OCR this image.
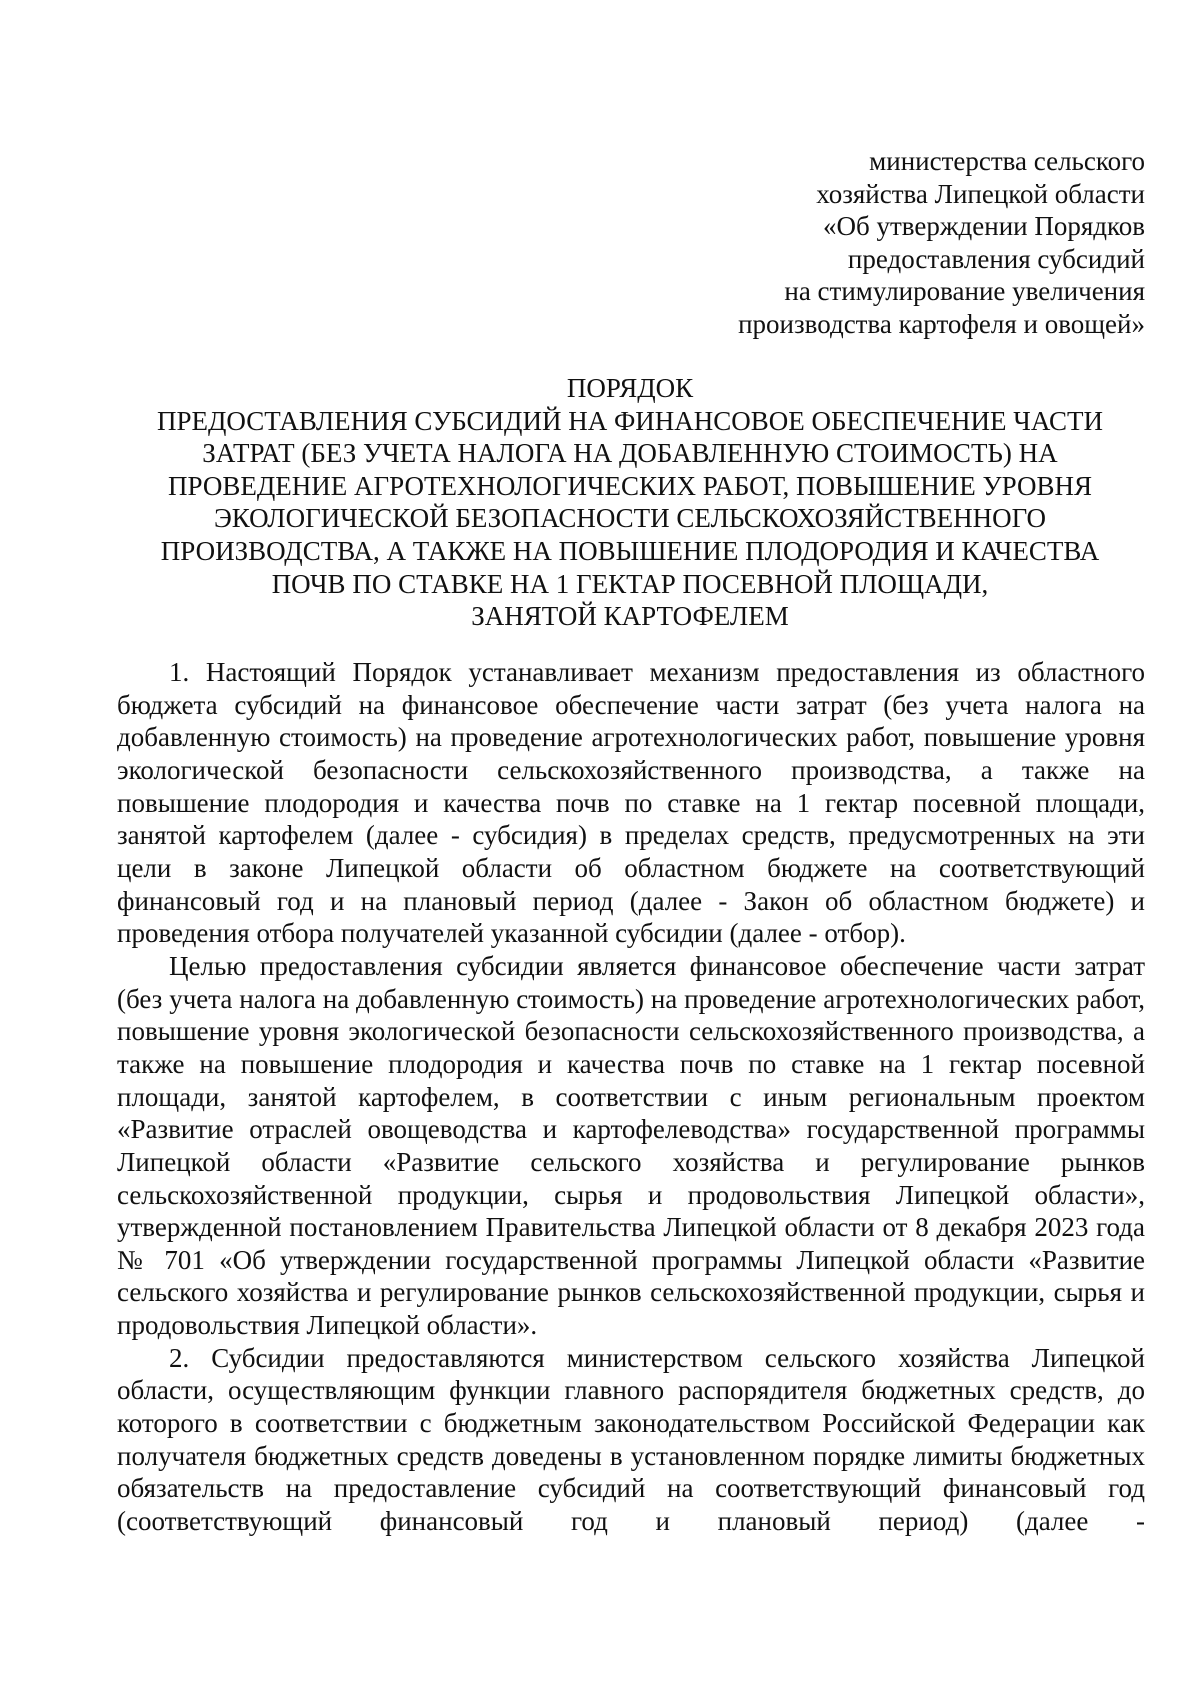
министерства сельского
хозяйства Липецкой области
«Об утверждении Порядков
предоставления субсидий
на стимулирование увеличения
производства картофеля и овощей»
ПОРЯДОК
ПРЕДОСТАВЛЕНИЯ СУБСИДИЙ НА ФИНАНСОВОЕ ОБЕСПЕЧЕНИЕ ЧАСТИ
ЗАТРАТ (БЕЗ УЧЕТА НАЛОГА НА ДОБАВЛЕННУЮ СТОИМОСТЬ) НА
ПРОВЕДЕНИЕ АГРОТЕХНОЛОГИЧЕСКИХ РАБОТ, ПОВЫШЕНИЕ УРОВНЯ
ЭКОЛОГИЧЕСКОЙ БЕЗОПАСНОСТИ СЕЛЬСКОХОЗЯЙСТВЕННОГО
ПРОИЗВОДСТВА, А ТАКЖЕ НА ПОВЫШЕНИЕ ПЛОДОРОДИЯ И КАЧЕСТВА
ПОЧВ ПО СТАВКЕ НА 1 ГЕКТАР ПОСЕВНОЙ ПЛОЩАДИ,
ЗАНЯТОЙ КАРТОФЕЛЕМ

1. Настоящий Порядок устанавливает механизм предоставления из областного бюджета субсидий на финансовое обеспечение части затрат (без учета налога на добавленную стоимость) на проведение агротехнологических работ, повышение уровня экологической безопасности сельскохозяйственного производства, а также на повышение плодородия и качества почв по ставке на 1 гектар посевной площади, занятой картофелем (далее - субсидия) в пределах средств, предусмотренных на эти цели в законе Липецкой области об областном бюджете на соответствующий финансовый год и на плановый период (далее - Закон об областном бюджете) и проведения отбора получателей указанной субсидии (далее - отбор).

Целью предоставления субсидии является финансовое обеспечение части затрат (без учета налога на добавленную стоимость) на проведение агротехнологических работ, повышение уровня экологической безопасности сельскохозяйственного производства, а также на повышение плодородия и качества почв по ставке на 1 гектар посевной площади, занятой картофелем, в соответствии с иным региональным проектом «Развитие отраслей овощеводства и картофелеводства» государственной программы Липецкой области «Развитие сельского хозяйства и регулирование рынков сельскохозяйственной продукции, сырья и продовольствия Липецкой области», утвержденной постановлением Правительства Липецкой области от 8 декабря 2023 года № 701 «Об утверждении государственной программы Липецкой области «Развитие сельского хозяйства и регулирование рынков сельскохозяйственной продукции, сырья и продовольствия Липецкой области».

2. Субсидии предоставляются министерством сельского хозяйства Липецкой области, осуществляющим функции главного распорядителя бюджетных средств, до которого в соответствии с бюджетным законодательством Российской Федерации как получателя бюджетных средств доведены в установленном порядке лимиты бюджетных обязательств на предоставление субсидий на соответствующий финансовый год (соответствующий финансовый год и плановый период) (далее -
